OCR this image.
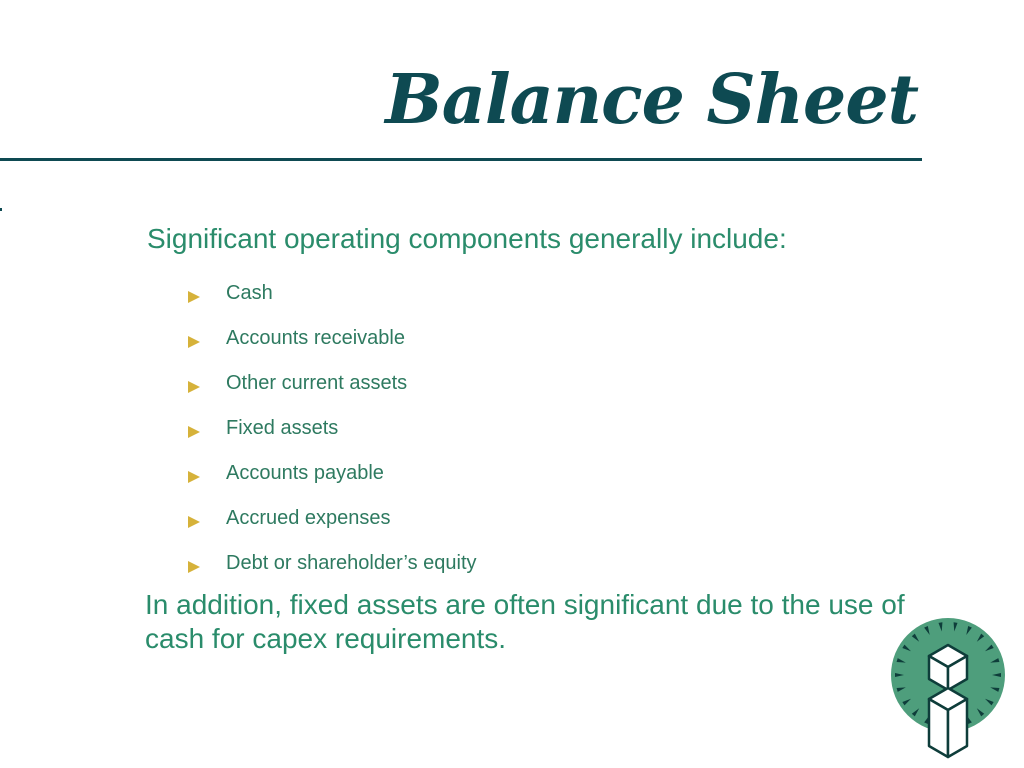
Balance Sheet

Significant operating components generally include:

Cash
Accounts receivable
Other current assets
Fixed assets
Accounts payable
Accrued expenses
Debt or shareholder’s equity

In addition, fixed assets are often significant due to the use of cash for capex requirements.
